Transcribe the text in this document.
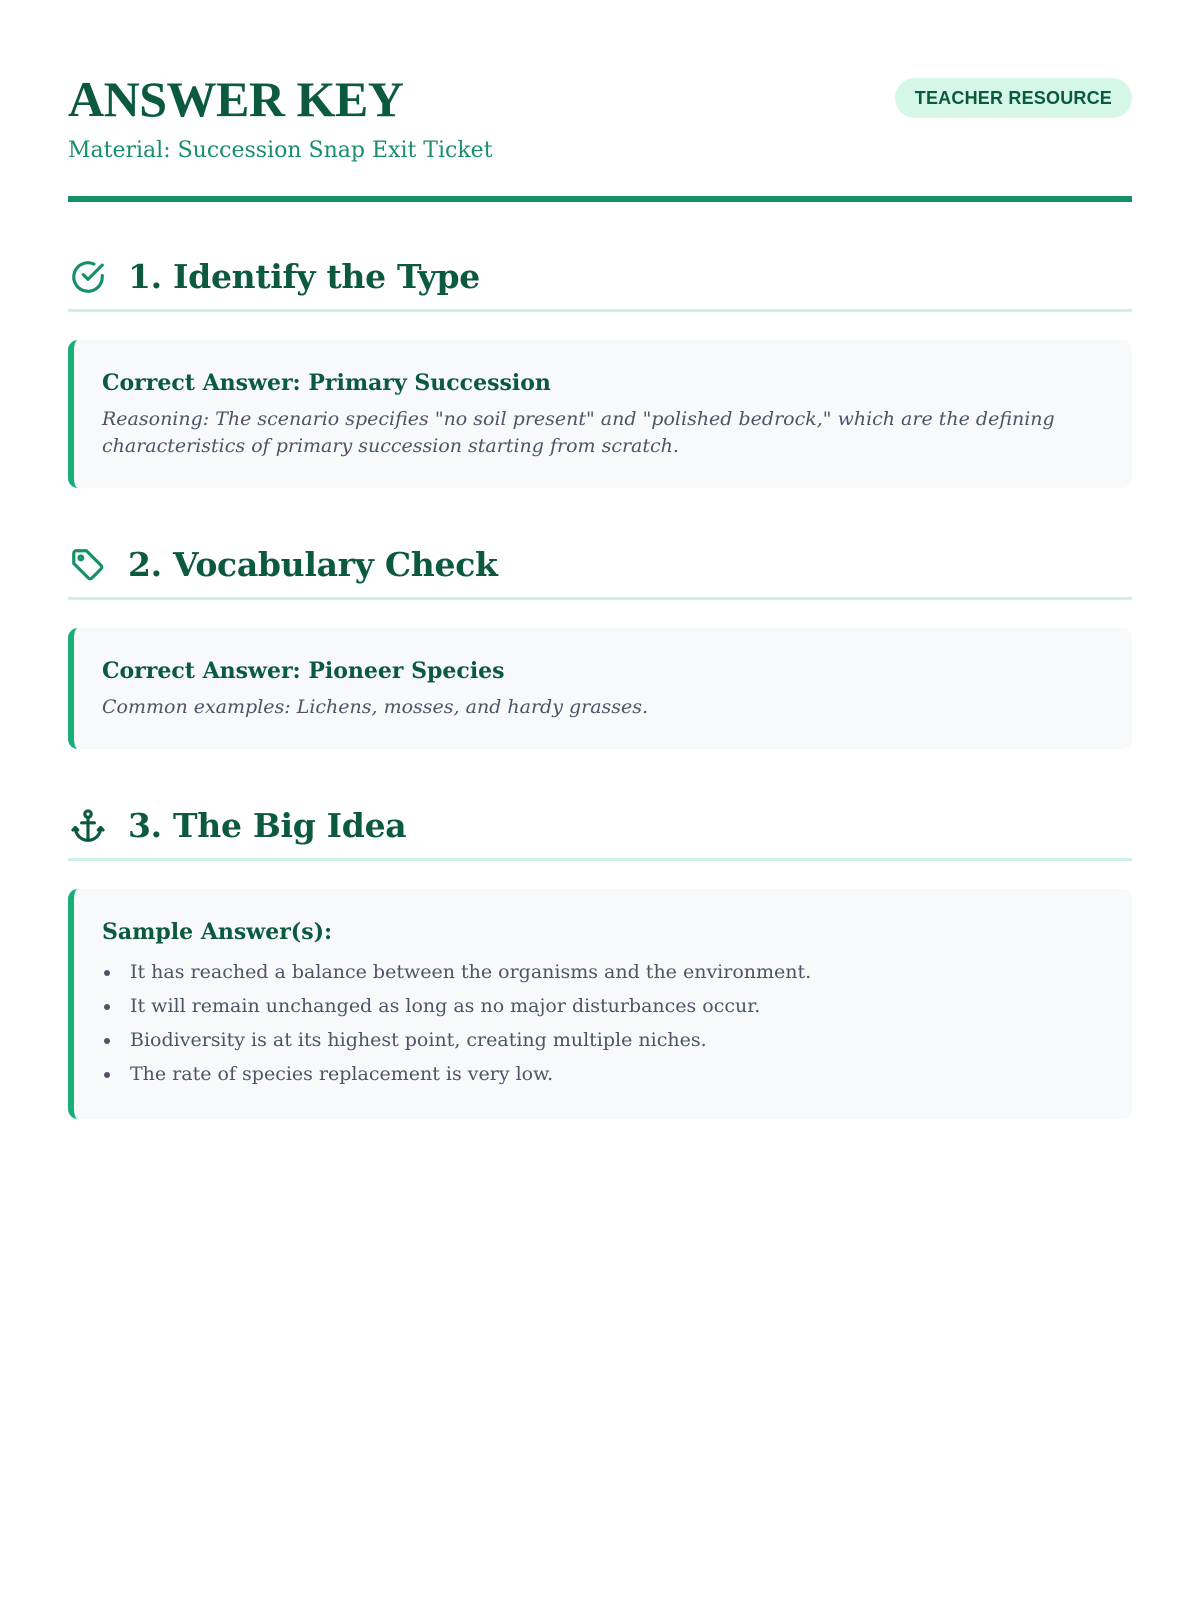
ANSWER KEY
Material: Succession Snap Exit Ticket
TEACHER RESOURCE
1. Identify the Type
Correct Answer: Primary Succession
Reasoning: The scenario specifies "no soil present" and "polished bedrock," which are the defining characteristics of primary succession starting from scratch.
2. Vocabulary Check
Correct Answer: Pioneer Species
Common examples: Lichens, mosses, and hardy grasses.
3. The Big Idea
Sample Answer(s):
It has reached a balance between the organisms and the environment.
It will remain unchanged as long as no major disturbances occur.
Biodiversity is at its highest point, creating multiple niches.
The rate of species replacement is very low.
